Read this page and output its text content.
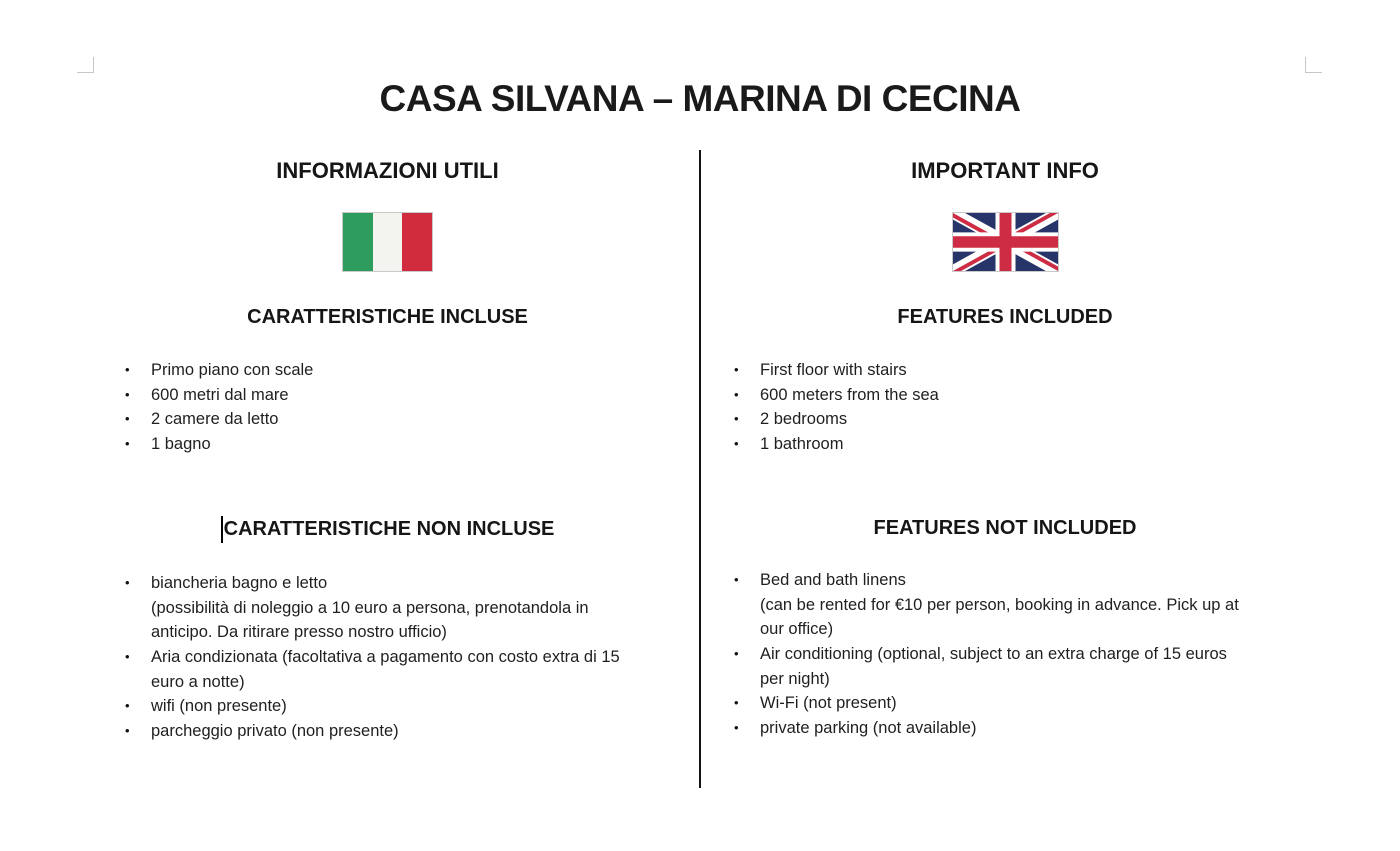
CASA SILVANA – MARINA DI CECINA
INFORMAZIONI UTILI
CARATTERISTICHE INCLUSE
•	Primo piano con scale
•	600 metri dal mare
•	2 camere da letto
•	1 bagno
CARATTERISTICHE NON INCLUSE
•	biancheria bagno e letto
(possibilità di noleggio a 10 euro a persona, prenotandola in
anticipo. Da ritirare presso nostro ufficio)
•	Aria condizionata (facoltativa a pagamento con costo extra di 15
euro a notte)
•	wifi (non presente)
•	parcheggio privato (non presente)
IMPORTANT INFO
FEATURES INCLUDED
•	First floor with stairs
•	600 meters from the sea
•	2 bedrooms
•	1 bathroom
FEATURES NOT INCLUDED
•	Bed and bath linens
(can be rented for €10 per person, booking in advance. Pick up at
our office)
•	Air conditioning (optional, subject to an extra charge of 15 euros
per night)
•	Wi-Fi (not present)
•	private parking (not available)
